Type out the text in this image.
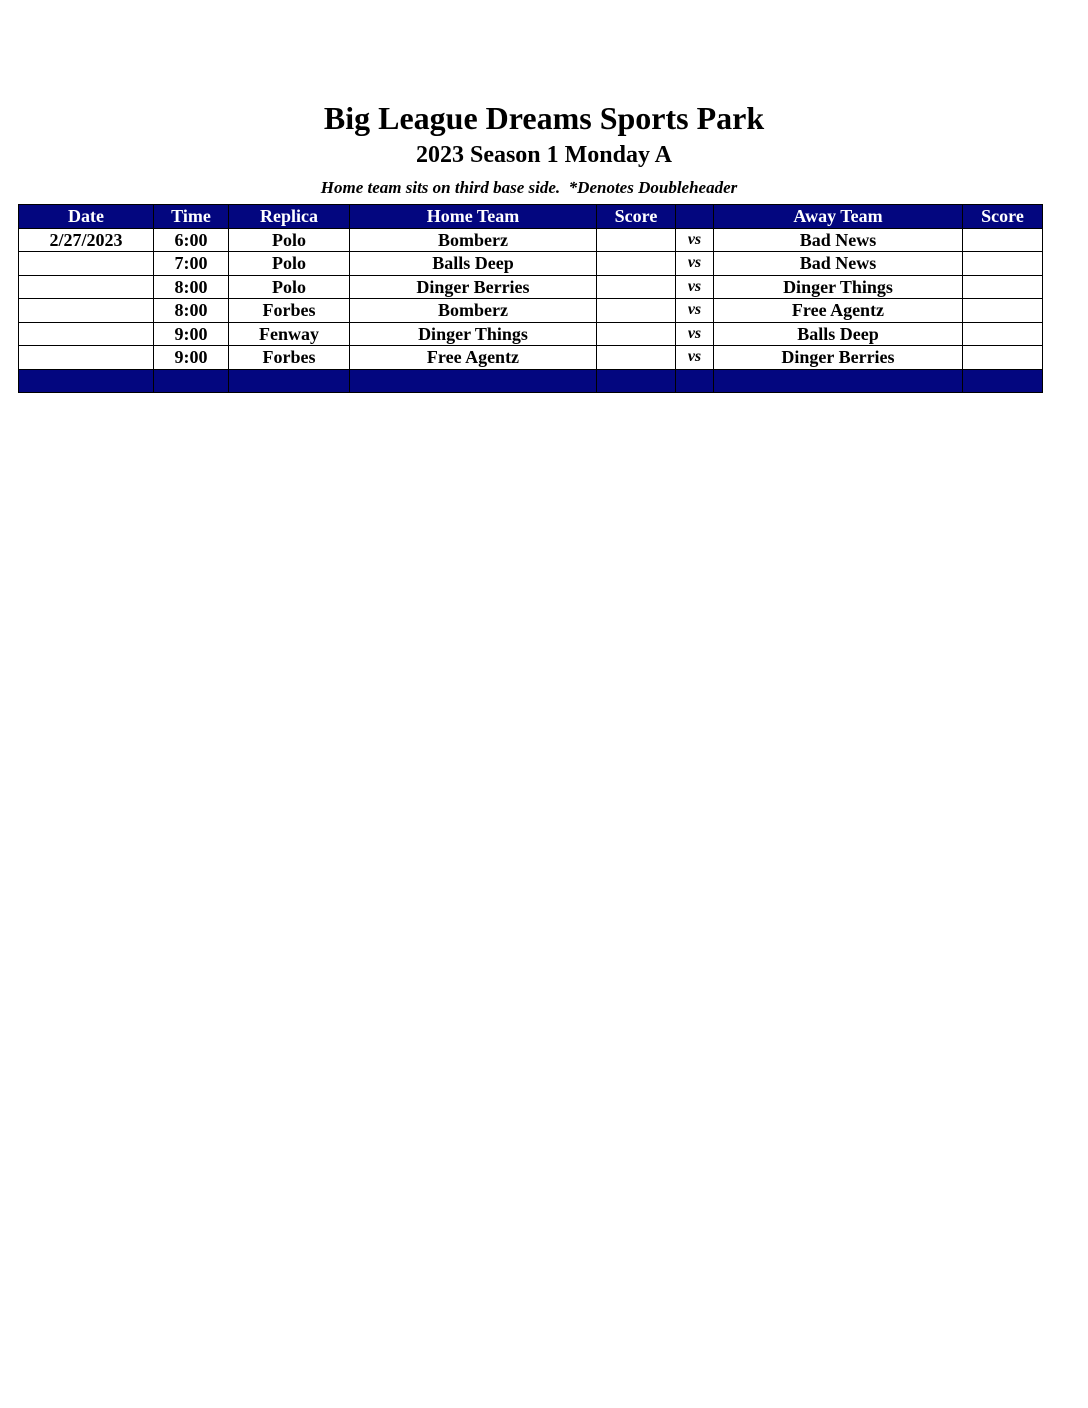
Big League Dreams Sports Park
2023 Season 1 Monday A
Home team sits on third base side.  *Denotes Doubleheader
Date	Time	Replica	Home Team	Score		Away Team	Score
2/27/2023	6:00	Polo	Bomberz		vs	Bad News	
	7:00	Polo	Balls Deep		vs	Bad News	
	8:00	Polo	Dinger Berries		vs	Dinger Things	
	8:00	Forbes	Bomberz		vs	Free Agentz	
	9:00	Fenway	Dinger Things		vs	Balls Deep	
	9:00	Forbes	Free Agentz		vs	Dinger Berries	
